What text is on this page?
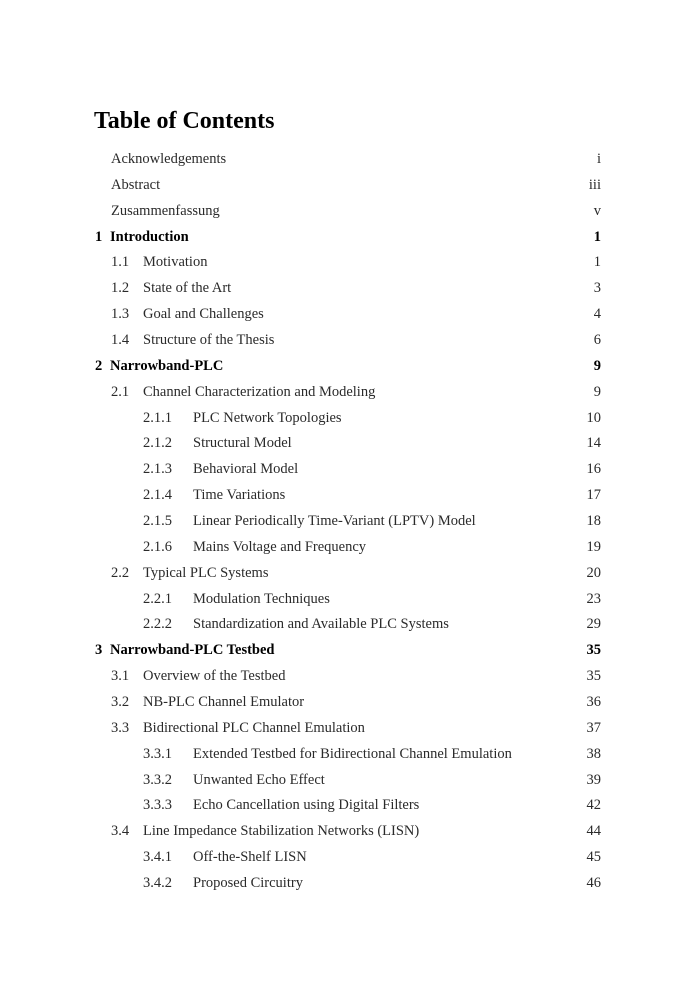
Table of Contents
Acknowledgements	i
Abstract	iii
Zusammenfassung	v
1 Introduction	1
1.1 Motivation	1
1.2 State of the Art	3
1.3 Goal and Challenges	4
1.4 Structure of the Thesis	6
2 Narrowband-PLC	9
2.1 Channel Characterization and Modeling	9
2.1.1 PLC Network Topologies	10
2.1.2 Structural Model	14
2.1.3 Behavioral Model	16
2.1.4 Time Variations	17
2.1.5 Linear Periodically Time-Variant (LPTV) Model	18
2.1.6 Mains Voltage and Frequency	19
2.2 Typical PLC Systems	20
2.2.1 Modulation Techniques	23
2.2.2 Standardization and Available PLC Systems	29
3 Narrowband-PLC Testbed	35
3.1 Overview of the Testbed	35
3.2 NB-PLC Channel Emulator	36
3.3 Bidirectional PLC Channel Emulation	37
3.3.1 Extended Testbed for Bidirectional Channel Emulation	38
3.3.2 Unwanted Echo Effect	39
3.3.3 Echo Cancellation using Digital Filters	42
3.4 Line Impedance Stabilization Networks (LISN)	44
3.4.1 Off-the-Shelf LISN	45
3.4.2 Proposed Circuitry	46
